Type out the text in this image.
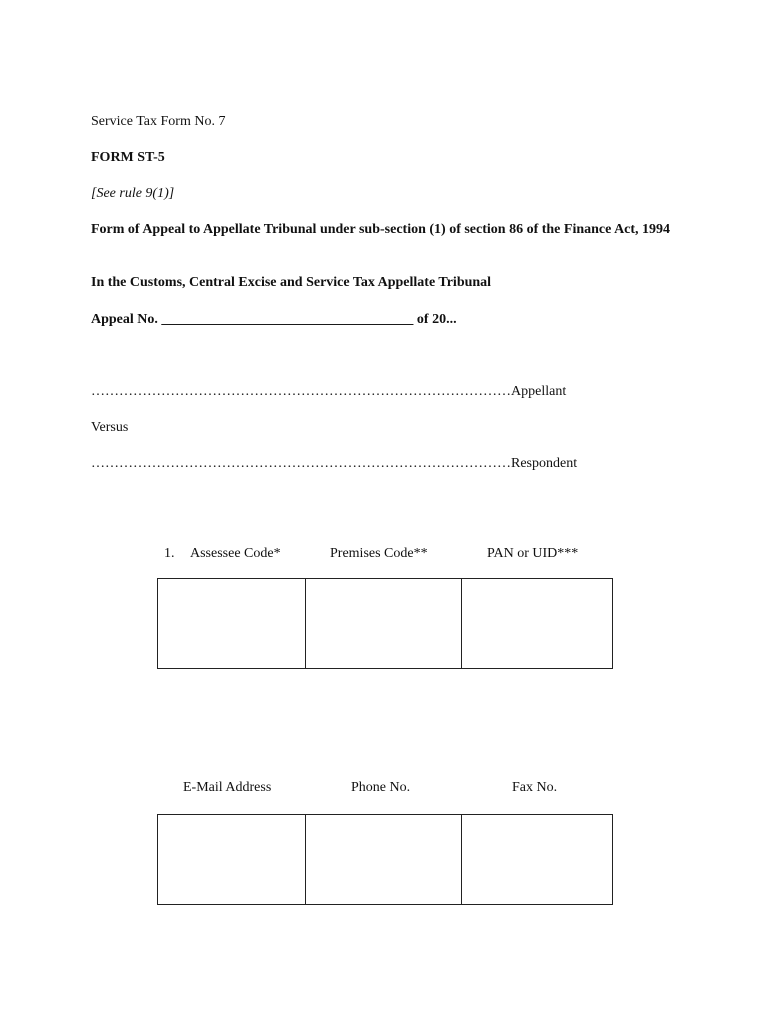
Service Tax Form No. 7
FORM ST-5
[See rule 9(1)]
Form of Appeal to Appellate Tribunal under sub-section (1) of section 86 of the Finance Act, 1994
In the Customs, Central Excise and Service Tax Appellate Tribunal
Appeal No. ____________________________________ of 20...
………………………………………………………………………………Appellant
Versus
………………………………………………………………………………Respondent
1. Assessee Code*	Premises Code**	PAN or UID***
E-Mail Address	Phone No.	Fax No.
